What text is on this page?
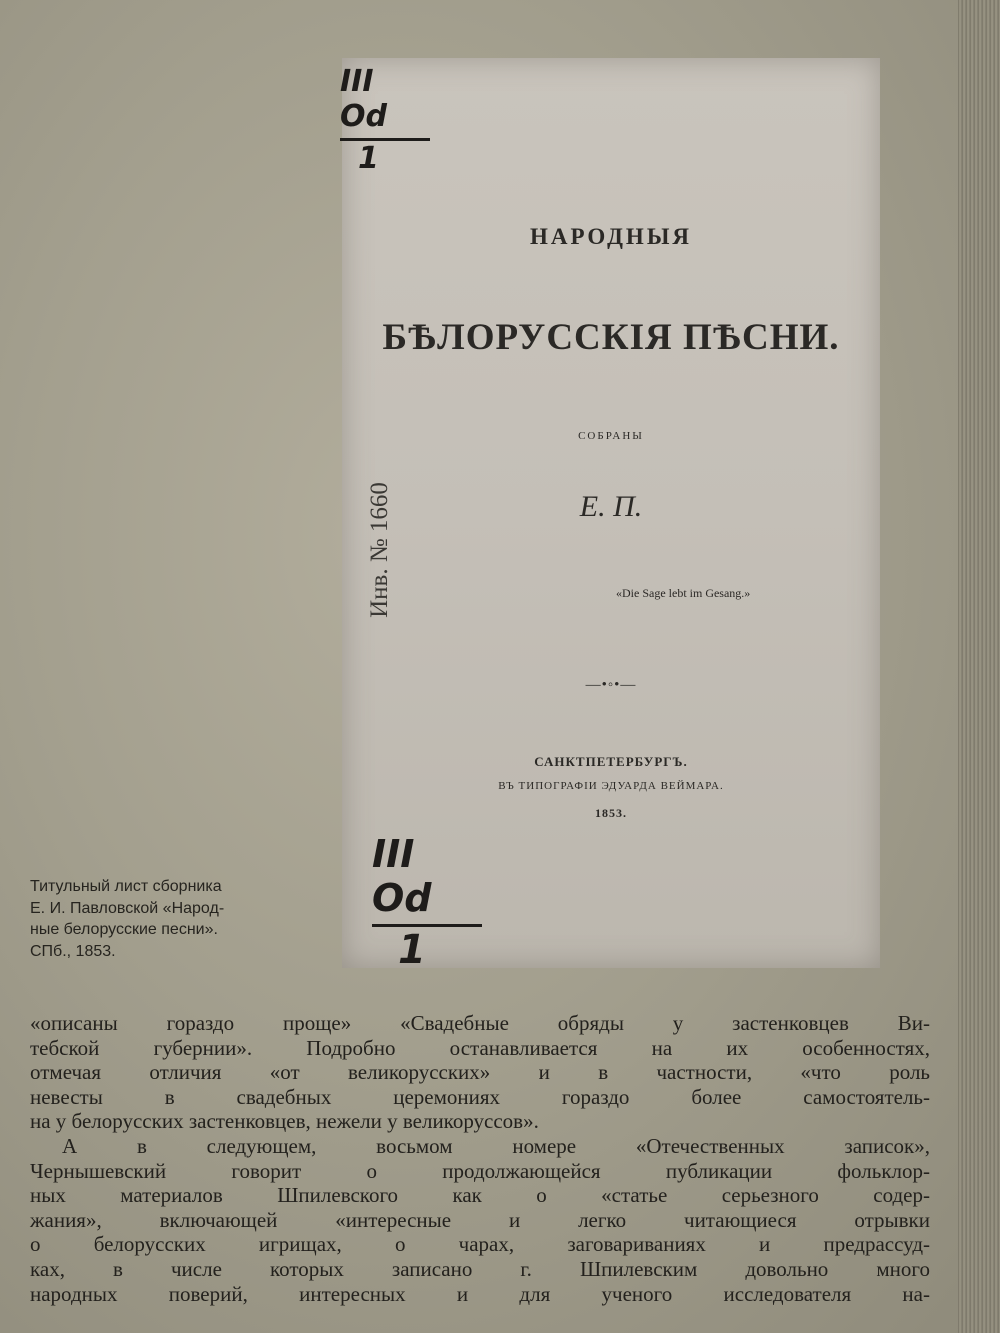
НАРОДНЫЯ
БѢЛОРУССКІЯ ПѢСНИ.
СОБРАНЫ
Е. П.
«Die Sage lebt im Gesang.»
—•◦•—
САНКТПЕТЕРБУРГЪ.
ВЪ ТИПОГРАФІИ ЭДУАРДА ВЕЙМАРА.
1853.
Инв. № 1660
III Od
1
III Od
1
Титульный лист сборника
Е. И. Павловской «Народ-
ные белорусские песни».
СПб., 1853.
«описаны гораздо проще» «Свадебные обряды у застенковцев Ви-
тебской губернии». Подробно останавливается на их особенностях,
отмечая отличия «от великорусских» и в частности, «что роль
невесты в свадебных церемониях гораздо более самостоятель-
на у белорусских застенковцев, нежели у великоруссов».
А в следующем, восьмом номере «Отечественных записок»,
Чернышевский говорит о продолжающейся публикации фольклор-
ных материалов Шпилевского как о «статье серьезного содер-
жания», включающей «интересные и легко читающиеся отрывки
о белорусских игрищах, о чарах, заговариваниях и предрассуд-
ках, в числе которых записано г. Шпилевским довольно много
народных поверий, интересных и для ученого исследователя на-
